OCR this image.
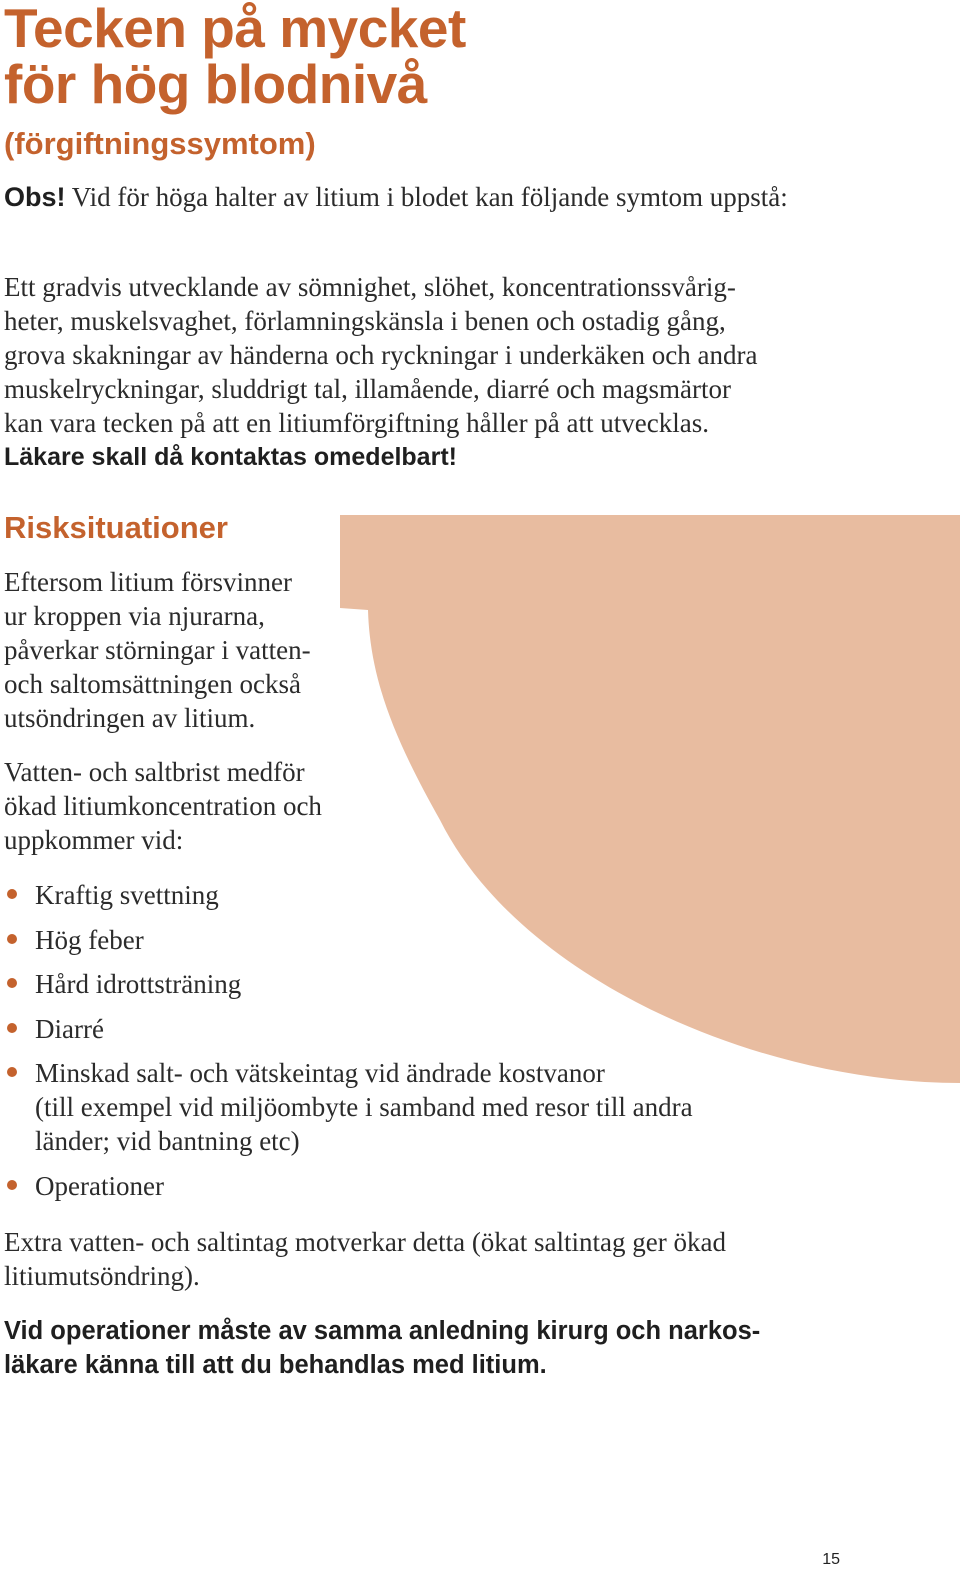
Tecken på mycket
för hög blodnivå
(förgiftningssymtom)

Obs! Vid för höga halter av litium i blodet kan följande symtom uppstå:

Ett gradvis utvecklande av sömnighet, slöhet, koncentrationssvårig-
heter, muskelsvaghet, förlamningskänsla i benen och ostadig gång,
grova skakningar av händerna och ryckningar i underkäken och andra
muskelryckningar, sluddrigt tal, illamående, diarré och magsmärtor
kan vara tecken på att en litiumförgiftning håller på att utvecklas.
Läkare skall då kontaktas omedelbart!
Risksituationer
Eftersom litium försvinner
ur kroppen via njurarna,
påverkar störningar i vatten-
och saltomsättningen också
utsöndringen av litium.
Vatten- och saltbrist medför
ökad litiumkoncentration och
uppkommer vid:
Kraftig svettning
Hög feber
Hård idrottsträning
Diarré
Minskad salt- och vätskeintag vid ändrade kostvanor
(till exempel vid miljöombyte i samband med resor till andra
länder; vid bantning etc)
Operationer
Extra vatten- och saltintag motverkar detta (ökat saltintag ger ökad
litiumutsöndring).
Vid operationer måste av samma anledning kirurg och narkos-
läkare känna till att du behandlas med litium.
15
